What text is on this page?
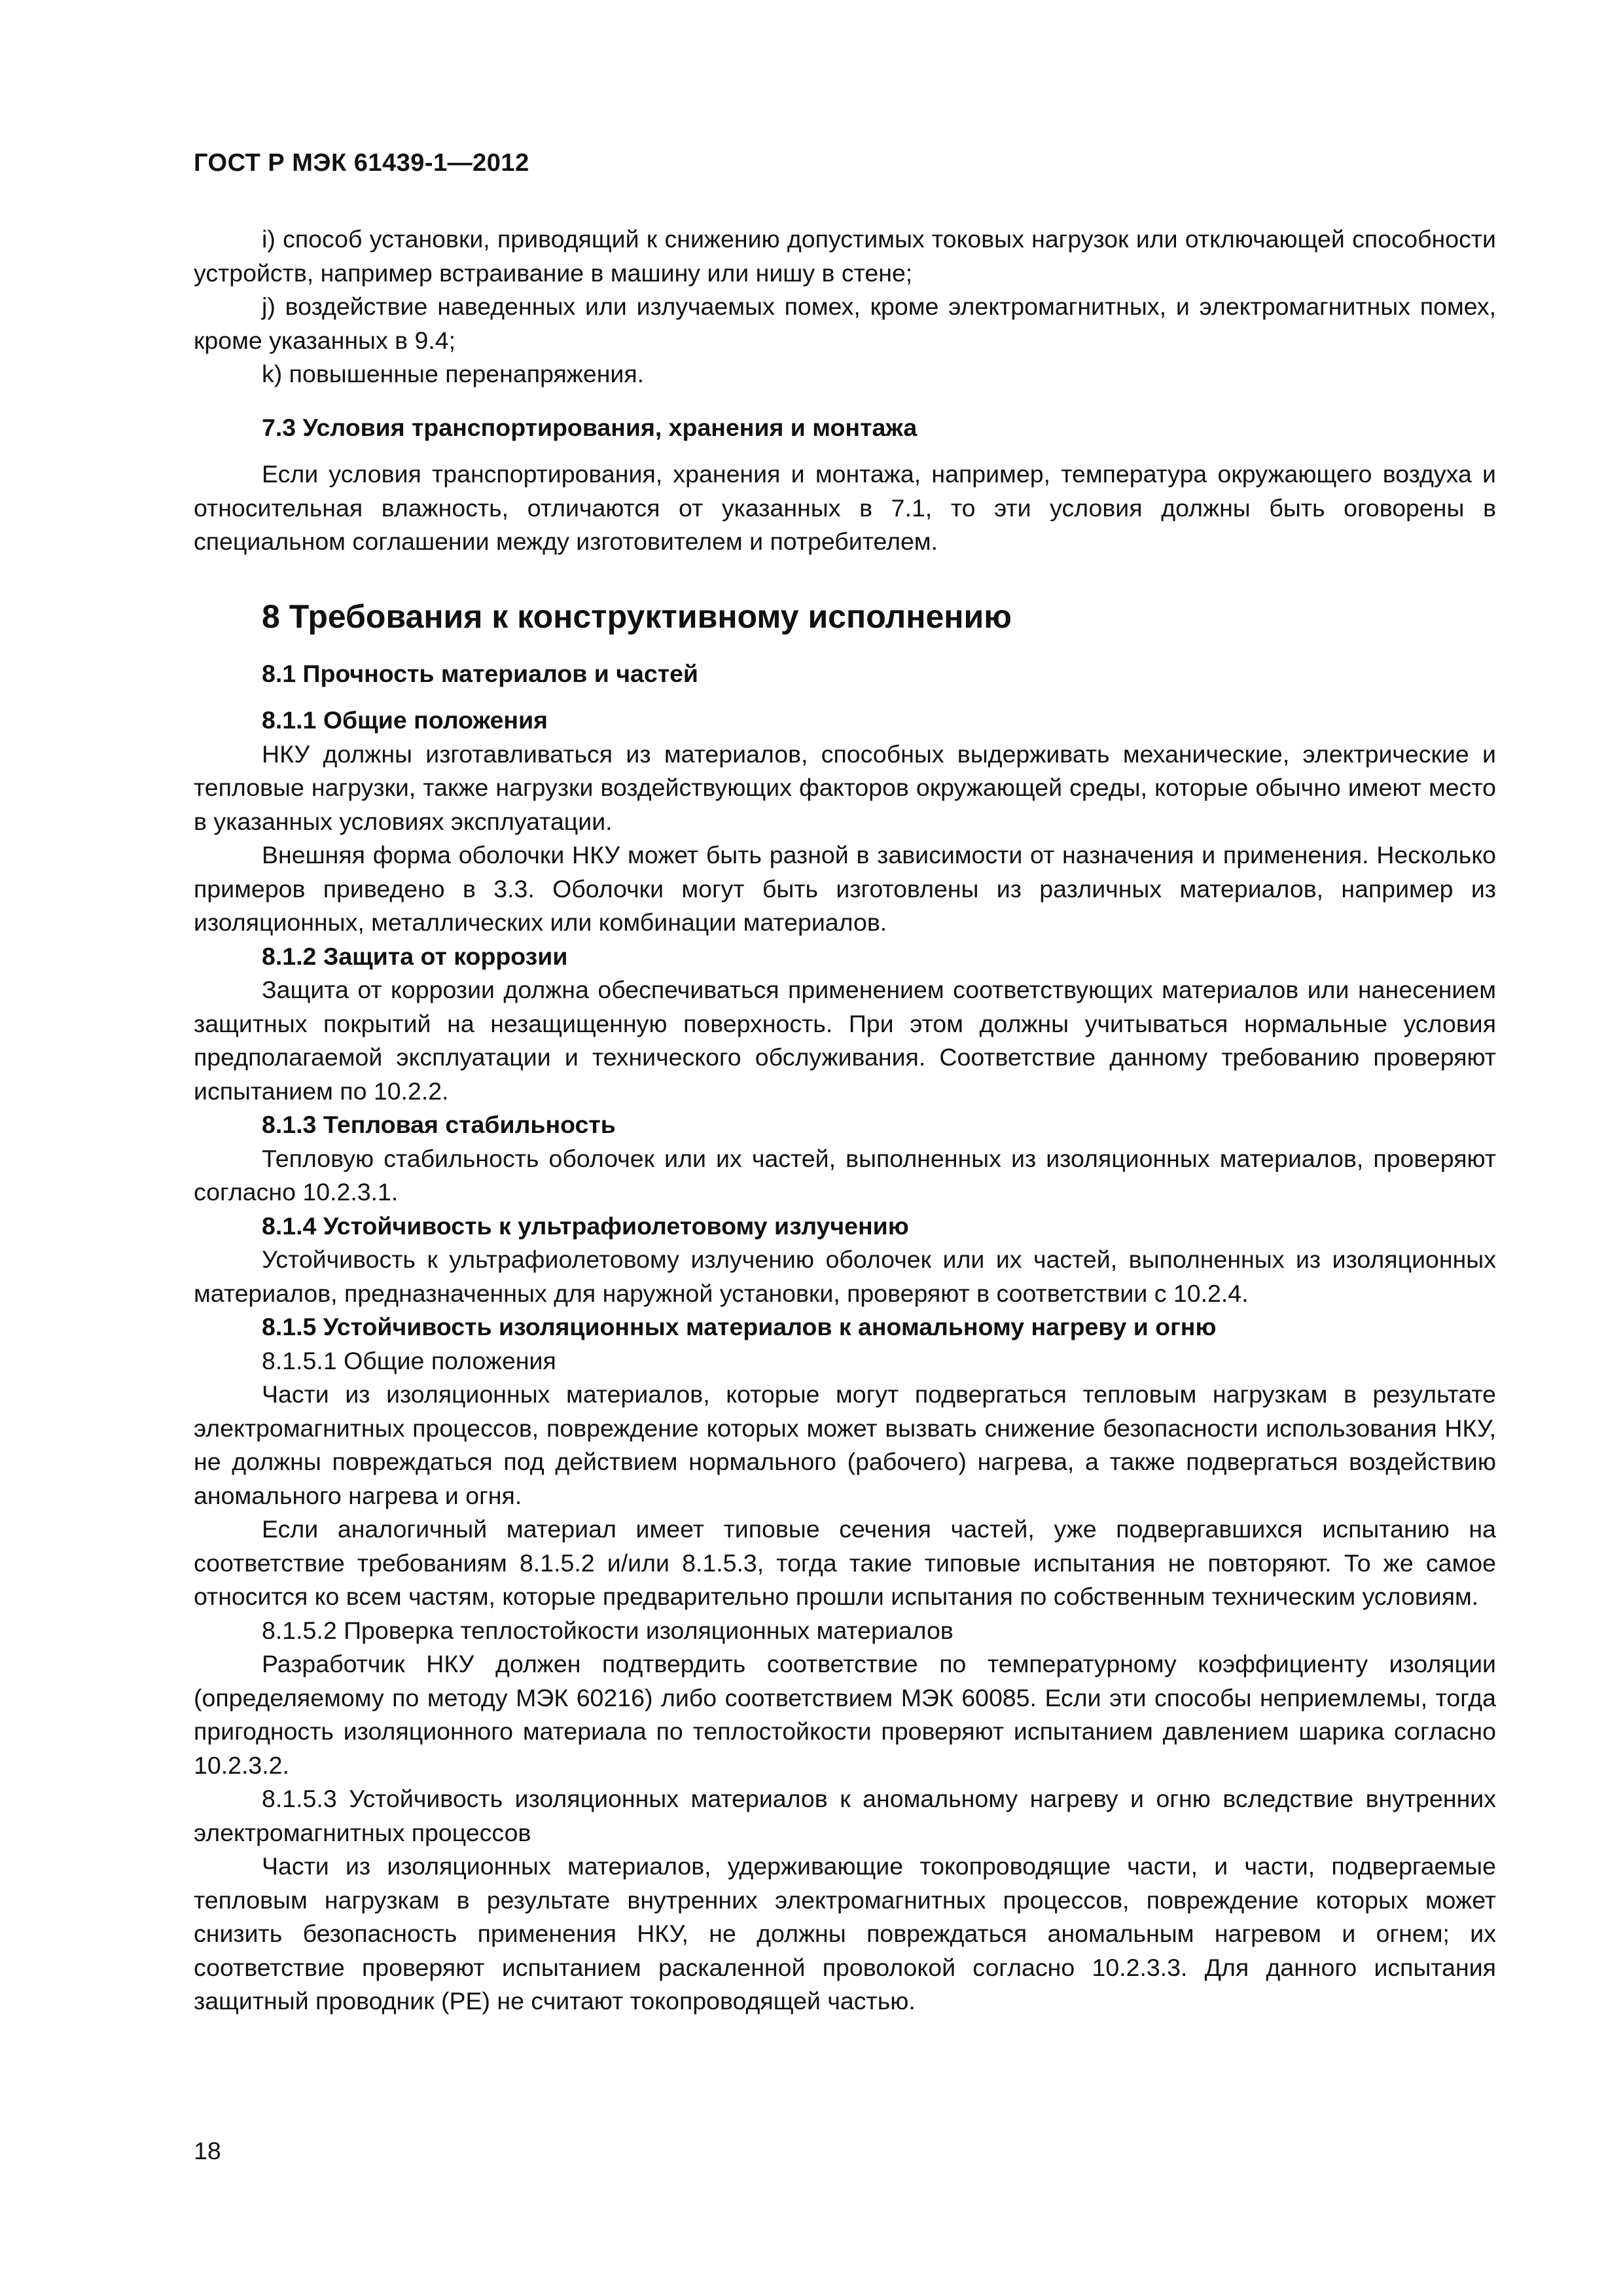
ГОСТ Р МЭК 61439-1—2012

i) способ установки, приводящий к снижению допустимых токовых нагрузок или отключающей способности устройств, например встраивание в машину или нишу в стене;

j) воздействие наведенных или излучаемых помех, кроме электромагнитных, и электромагнитных помех, кроме указанных в 9.4;

k) повышенные перенапряжения.

7.3 Условия транспортирования, хранения и монтажа

Если условия транспортирования, хранения и монтажа, например, температура окружающего воздуха и относительная влажность, отличаются от указанных в 7.1, то эти условия должны быть оговорены в специальном соглашении между изготовителем и потребителем.

8 Требования к конструктивному исполнению

8.1 Прочность материалов и частей

8.1.1 Общие положения

НКУ должны изготавливаться из материалов, способных выдерживать механические, электрические и тепловые нагрузки, также нагрузки воздействующих факторов окружающей среды, которые обычно имеют место в указанных условиях эксплуатации.

Внешняя форма оболочки НКУ может быть разной в зависимости от назначения и применения. Несколько примеров приведено в 3.3. Оболочки могут быть изготовлены из различных материалов, например из изоляционных, металлических или комбинации материалов.

8.1.2 Защита от коррозии

Защита от коррозии должна обеспечиваться применением соответствующих материалов или нанесением защитных покрытий на незащищенную поверхность. При этом должны учитываться нормальные условия предполагаемой эксплуатации и технического обслуживания. Соответствие данному требованию проверяют испытанием по 10.2.2.

8.1.3 Тепловая стабильность

Тепловую стабильность оболочек или их частей, выполненных из изоляционных материалов, проверяют согласно 10.2.3.1.

8.1.4 Устойчивость к ультрафиолетовому излучению

Устойчивость к ультрафиолетовому излучению оболочек или их частей, выполненных из изоляционных материалов, предназначенных для наружной установки, проверяют в соответствии с 10.2.4.

8.1.5 Устойчивость изоляционных материалов к аномальному нагреву и огню

8.1.5.1 Общие положения

Части из изоляционных материалов, которые могут подвергаться тепловым нагрузкам в результате электромагнитных процессов, повреждение которых может вызвать снижение безопасности использования НКУ, не должны повреждаться под действием нормального (рабочего) нагрева, а также подвергаться воздействию аномального нагрева и огня.

Если аналогичный материал имеет типовые сечения частей, уже подвергавшихся испытанию на соответствие требованиям 8.1.5.2 и/или 8.1.5.3, тогда такие типовые испытания не повторяют. То же самое относится ко всем частям, которые предварительно прошли испытания по собственным техническим условиям.

8.1.5.2 Проверка теплостойкости изоляционных материалов

Разработчик НКУ должен подтвердить соответствие по температурному коэффициенту изоляции (определяемому по методу МЭК 60216) либо соответствием МЭК 60085. Если эти способы неприемлемы, тогда пригодность изоляционного материала по теплостойкости проверяют испытанием давлением шарика согласно 10.2.3.2.

8.1.5.3 Устойчивость изоляционных материалов к аномальному нагреву и огню вследствие внутренних электромагнитных процессов

Части из изоляционных материалов, удерживающие токопроводящие части, и части, подвергаемые тепловым нагрузкам в результате внутренних электромагнитных процессов, повреждение которых может снизить безопасность применения НКУ, не должны повреждаться аномальным нагревом и огнем; их соответствие проверяют испытанием раскаленной проволокой согласно 10.2.3.3. Для данного испытания защитный проводник (PE) не считают токопроводящей частью.

18
